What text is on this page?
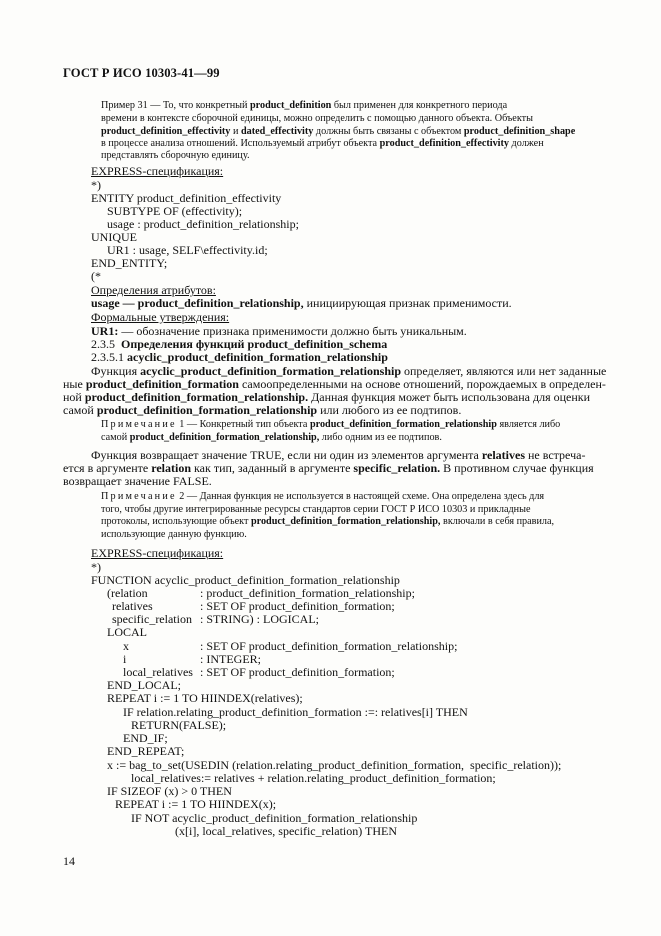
ГОСТ Р ИСО 10303-41—99
Пример 31 — То, что конкретный product_definition был применен для конкретного периода
времени в контексте сборочной единицы, можно определить с помощью данного объекта. Объекты
product_definition_effectivity и dated_effectivity должны быть связаны с объектом product_definition_shape
в процессе анализа отношений. Используемый атрибут объекта product_definition_effectivity должен
представлять сборочную единицу.
EXPRESS-спецификация:
*)
ENTITY product_definition_effectivity
SUBTYPE OF (effectivity);
usage : product_definition_relationship;
UNIQUE
UR1 : usage, SELF\effectivity.id;
END_ENTITY;
(*
Определения атрибутов:
usage — product_definition_relationship, инициирующая признак применимости.
Формальные утверждения:
UR1: — обозначение признака применимости должно быть уникальным.
2.3.5 Определения функций product_definition_schema
2.3.5.1 acyclic_product_definition_formation_relationship
Функция acyclic_product_definition_formation_relationship определяет, являются или нет заданные
ные product_definition_formation самоопределенными на основе отношений, порождаемых в определен-
ной product_definition_formation_relationship. Данная функция может быть использована для оценки
самой product_definition_formation_relationship или любого из ее подтипов.
Примечание 1 — Конкретный тип объекта product_definition_formation_relationship является либо
самой product_definition_formation_relationship, либо одним из ее подтипов.
Функция возвращает значение TRUE, если ни один из элементов аргумента relatives не встреча-
ется в аргументе relation как тип, заданный в аргументе specific_relation. В противном случае функция
возвращает значение FALSE.
Примечание 2 — Данная функция не используется в настоящей схеме. Она определена здесь для
того, чтобы другие интегрированные ресурсы стандартов серии ГОСТ Р ИСО 10303 и прикладные
протоколы, использующие объект product_definition_formation_relationship, включали в себя правила,
использующие данную функцию.
EXPRESS-спецификация:
*)
FUNCTION acyclic_product_definition_formation_relationship
(relation	: product_definition_formation_relationship;
relatives	: SET OF product_definition_formation;
specific_relation : STRING) : LOGICAL;
LOCAL
x	: SET OF product_definition_formation_relationship;
i	: INTEGER;
local_relatives : SET OF product_definition_formation;
END_LOCAL;
REPEAT i := 1 TO HIINDEX(relatives);
IF relation.relating_product_definition_formation :=: relatives[i] THEN
RETURN(FALSE);
END_IF;
END_REPEAT;
x := bag_to_set(USEDIN (relation.relating_product_definition_formation,  specific_relation));
local_relatives:= relatives + relation.relating_product_definition_formation;
IF SIZEOF (x) > 0 THEN
REPEAT i := 1 TO HIINDEX(x);
IF NOT acyclic_product_definition_formation_relationship
(x[i], local_relatives, specific_relation) THEN
14
